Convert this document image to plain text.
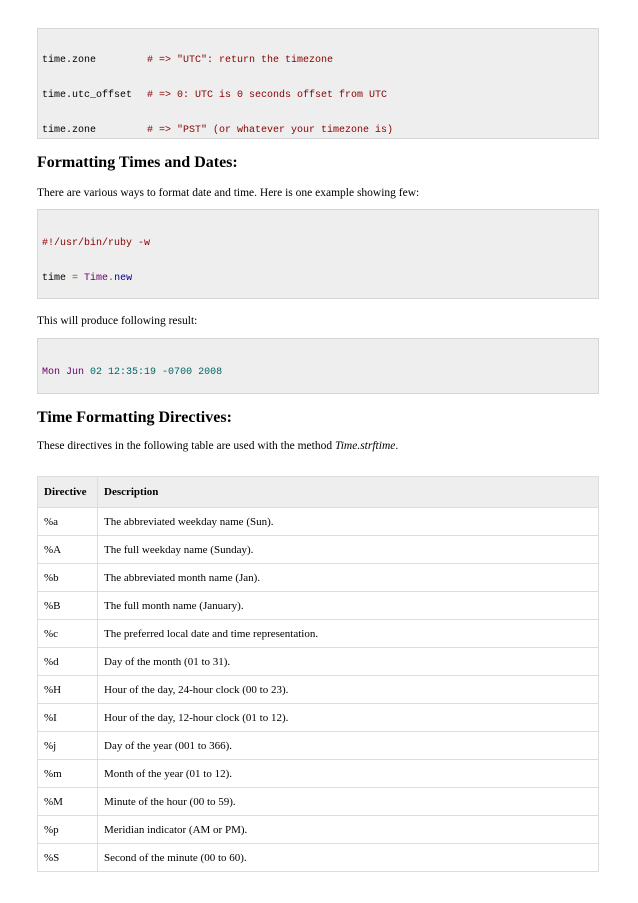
time.zone	# => "UTC": return the timezone

time.utc_offset # => 0: UTC is 0 seconds offset from UTC

time.zone	# => "PST" (or whatever your timezone is)

Formatting Times and Dates:

There are various ways to format date and time. Here is one example showing few:

#!/usr/bin/ruby -w

time = Time.new

This will produce following result:

Mon Jun 02 12:35:19 -0700 2008

Time Formatting Directives:

These directives in the following table are used with the method Time.strftime.

Directive	Description
%a	The abbreviated weekday name (Sun).
%A	The full weekday name (Sunday).
%b	The abbreviated month name (Jan).
%B	The full month name (January).
%c	The preferred local date and time representation.
%d	Day of the month (01 to 31).
%H	Hour of the day, 24-hour clock (00 to 23).
%I	Hour of the day, 12-hour clock (01 to 12).
%j	Day of the year (001 to 366).
%m	Month of the year (01 to 12).
%M	Minute of the hour (00 to 59).
%p	Meridian indicator (AM or PM).
%S	Second of the minute (00 to 60).
